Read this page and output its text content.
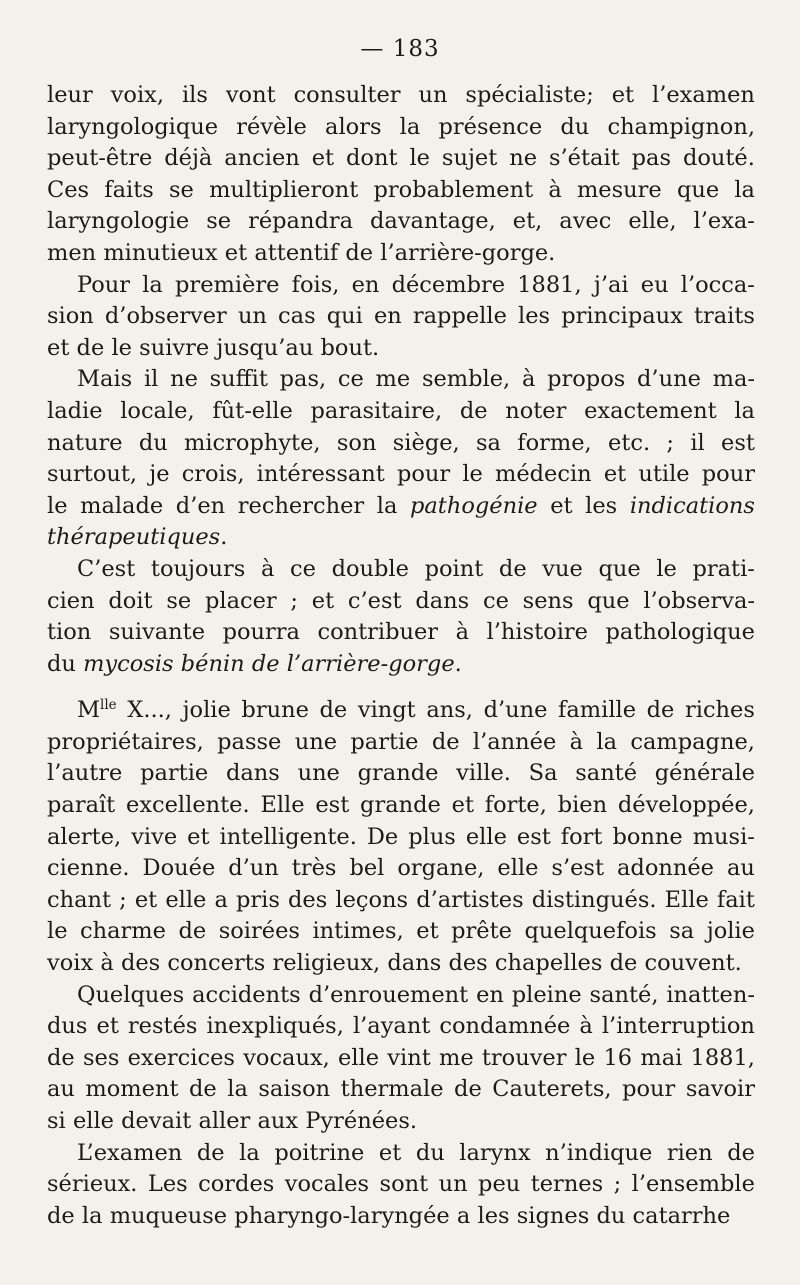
— 183
leur voix, ils vont consulter un spécialiste; et l’examen
laryngologique révèle alors la présence du champignon,
peut-être déjà ancien et dont le sujet ne s’était pas douté.
Ces faits se multiplieront probablement à mesure que la
laryngologie se répandra davantage, et, avec elle, l’exa-
men minutieux et attentif de l’arrière-gorge.
Pour la première fois, en décembre 1881, j’ai eu l’occa-
sion d’observer un cas qui en rappelle les principaux traits
et de le suivre jusqu’au bout.
Mais il ne suffit pas, ce me semble, à propos d’une ma-
ladie locale, fût-elle parasitaire, de noter exactement la
nature du microphyte, son siège, sa forme, etc. ; il est
surtout, je crois, intéressant pour le médecin et utile pour
le malade d’en rechercher la pathogénie et les indications
thérapeutiques.
C’est toujours à ce double point de vue que le prati-
cien doit se placer ; et c’est dans ce sens que l’observa-
tion suivante pourra contribuer à l’histoire pathologique
du mycosis bénin de l’arrière-gorge.
$M^{lle}$ X..., jolie brune de vingt ans, d’une famille de riches
propriétaires, passe une partie de l’année à la campagne,
l’autre partie dans une grande ville. Sa santé générale
paraît excellente. Elle est grande et forte, bien développée,
alerte, vive et intelligente. De plus elle est fort bonne musi-
cienne. Douée d’un très bel organe, elle s’est adonnée au
chant ; et elle a pris des leçons d’artistes distingués. Elle fait
le charme de soirées intimes, et prête quelquefois sa jolie
voix à des concerts religieux, dans des chapelles de couvent.
Quelques accidents d’enrouement en pleine santé, inatten-
dus et restés inexpliqués, l’ayant condamnée à l’interruption
de ses exercices vocaux, elle vint me trouver le 16 mai 1881,
au moment de la saison thermale de Cauterets, pour savoir
si elle devait aller aux Pyrénées.
L’examen de la poitrine et du larynx n’indique rien de
sérieux. Les cordes vocales sont un peu ternes ; l’ensemble
de la muqueuse pharyngo-laryngée a les signes du catarrhe
